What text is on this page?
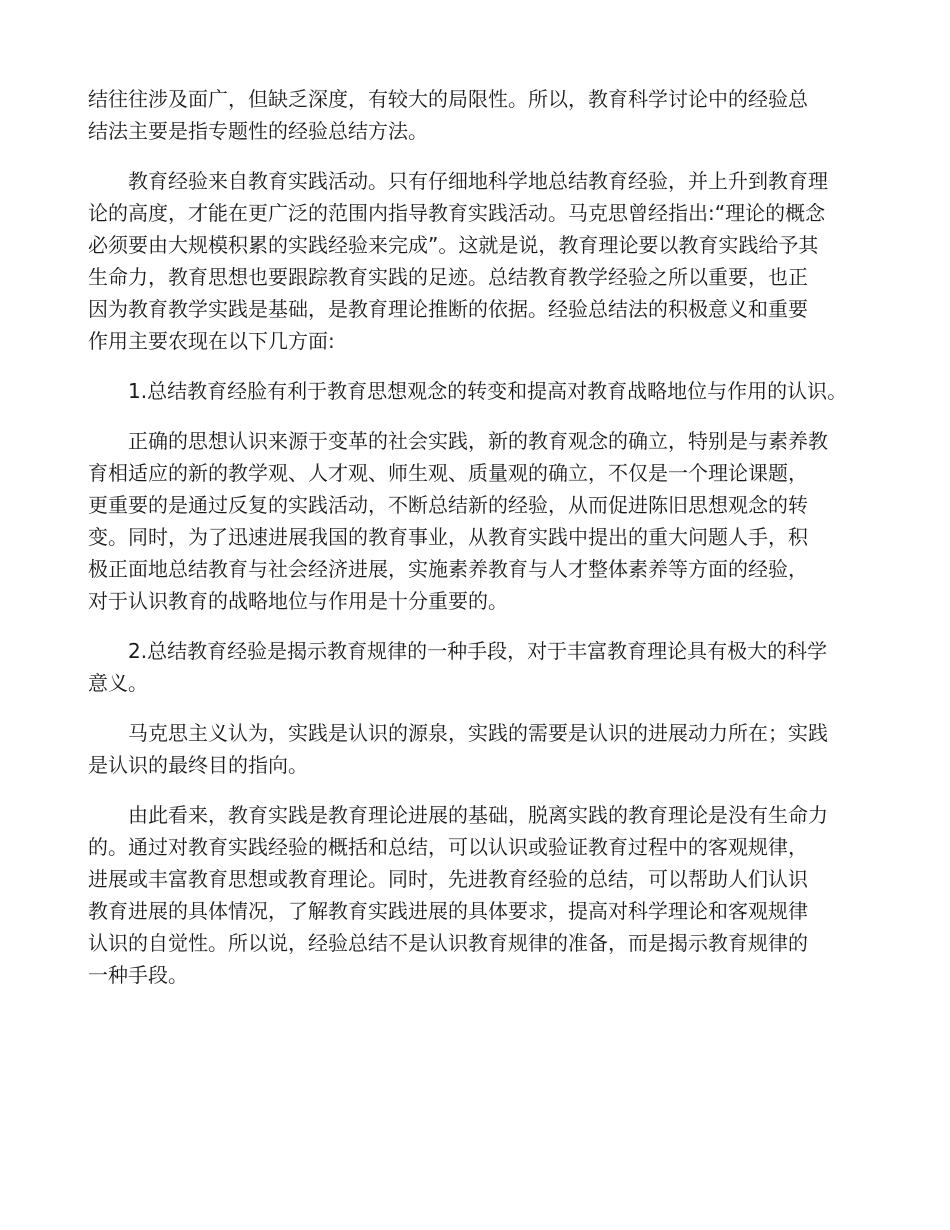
结往往涉及面广，但缺乏深度，有较大的局限性。所以，教育科学讨论中的经验总
结法主要是指专题性的经验总结方法。

教育经验来自教育实践活动。只有仔细地科学地总结教育经验，并上升到教育理
论的高度，才能在更广泛的范围内指导教育实践活动。马克思曾经指出:“理论的概念
必须要由大规模积累的实践经验来完成”。这就是说，教育理论要以教育实践给予其
生命力，教育思想也要跟踪教育实践的足迹。总结教育教学经验之所以重要，也正
因为教育教学实践是基础，是教育理论推断的依据。经验总结法的积极意义和重要
作用主要农现在以下几方面:

1.总结教育经脸有利于教育思想观念的转变和提高对教育战略地位与作用的认识。

正确的思想认识来源于变革的社会实践，新的教育观念的确立，特别是与素养教
育相适应的新的教学观、人才观、师生观、质量观的确立，不仅是一个理论课题，
更重要的是通过反复的实践活动，不断总结新的经验，从而促进陈旧思想观念的转
变。同时，为了迅速进展我国的教育事业，从教育实践中提出的重大问题人手，积
极正面地总结教育与社会经济进展，实施素养教育与人才整体素养等方面的经验，
对于认识教育的战略地位与作用是十分重要的。

2.总结教育经验是揭示教育规律的一种手段，对于丰富教育理论具有极大的科学
意义。

马克思主义认为，实践是认识的源泉，实践的需要是认识的进展动力所在；实践
是认识的最终目的指向。

由此看来，教育实践是教育理论进展的基础，脱离实践的教育理论是没有生命力
的。通过对教育实践经验的概括和总结，可以认识或验证教育过程中的客观规律，
进展或丰富教育思想或教育理论。同时，先进教育经验的总结，可以帮助人们认识
教育进展的具体情况，了解教育实践进展的具体要求，提高对科学理论和客观规律
认识的自觉性。所以说，经验总结不是认识教育规律的准备，而是揭示教育规律的
一种手段。
